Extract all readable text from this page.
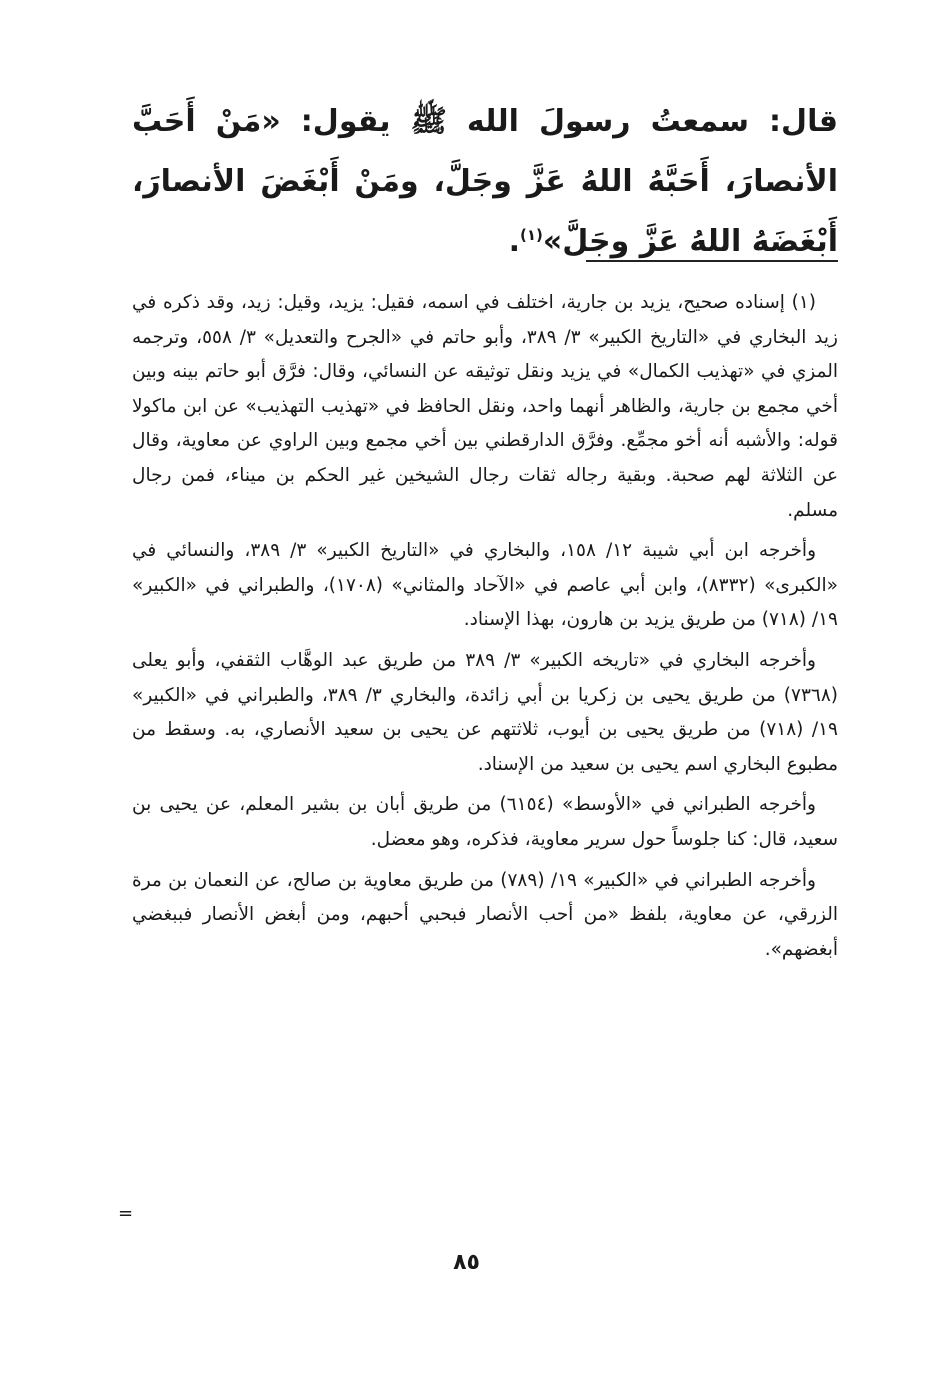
قال: سمعتُ رسولَ الله ﷺ يقول: «مَنْ أَحَبَّ الأنصارَ، أَحَبَّهُ اللهُ عَزَّ وجَلَّ، ومَنْ أَبْغَضَ الأنصارَ، أَبْغَضَهُ اللهُ عَزَّ وجَلَّ»$^{(١)}$.

(١) إسناده صحيح، يزيد بن جارية، اختلف في اسمه، فقيل: يزيد، وقيل: زيد، وقد ذكره في زيد البخاري في «التاريخ الكبير» ٣/ ٣٨٩، وأبو حاتم في «الجرح والتعديل» ٣/ ٥٥٨، وترجمه المزي في «تهذيب الكمال» في يزيد ونقل توثيقه عن النسائي، وقال: فرَّق أبو حاتم بينه وبين أخي مجمع بن جارية، والظاهر أنهما واحد، ونقل الحافظ في «تهذيب التهذيب» عن ابن ماكولا قوله: والأشبه أنه أخو مجمِّع. وفرَّق الدارقطني بين أخي مجمع وبين الراوي عن معاوية، وقال عن الثلاثة لهم صحبة. وبقية رجاله ثقات رجال الشيخين غير الحكم بن ميناء، فمن رجال مسلم.

وأخرجه ابن أبي شيبة ١٢/ ١٥٨، والبخاري في «التاريخ الكبير» ٣/ ٣٨٩، والنسائي في «الكبرى» (٨٣٣٢)، وابن أبي عاصم في «الآحاد والمثاني» (١٧٠٨)، والطبراني في «الكبير» ١٩/ (٧١٨) من طريق يزيد بن هارون، بهذا الإسناد.

وأخرجه البخاري في «تاريخه الكبير» ٣/ ٣٨٩ من طريق عبد الوهَّاب الثقفي، وأبو يعلى (٧٣٦٨) من طريق يحيى بن زكريا بن أبي زائدة، والبخاري ٣/ ٣٨٩، والطبراني في «الكبير» ١٩/ (٧١٨) من طريق يحيى بن أيوب، ثلاثتهم عن يحيى بن سعيد الأنصاري، به. وسقط من مطبوع البخاري اسم يحيى بن سعيد من الإسناد.

وأخرجه الطبراني في «الأوسط» (٦١٥٤) من طريق أبان بن بشير المعلم، عن يحيى بن سعيد، قال: كنا جلوساً حول سرير معاوية، فذكره، وهو معضل.

وأخرجه الطبراني في «الكبير» ١٩/ (٧٨٩) من طريق معاوية بن صالح، عن النعمان بن مرة الزرقي، عن معاوية، بلفظ «من أحب الأنصار فبحبي أحبهم، ومن أبغض الأنصار فببغضي أبغضهم».

=
٨٥
